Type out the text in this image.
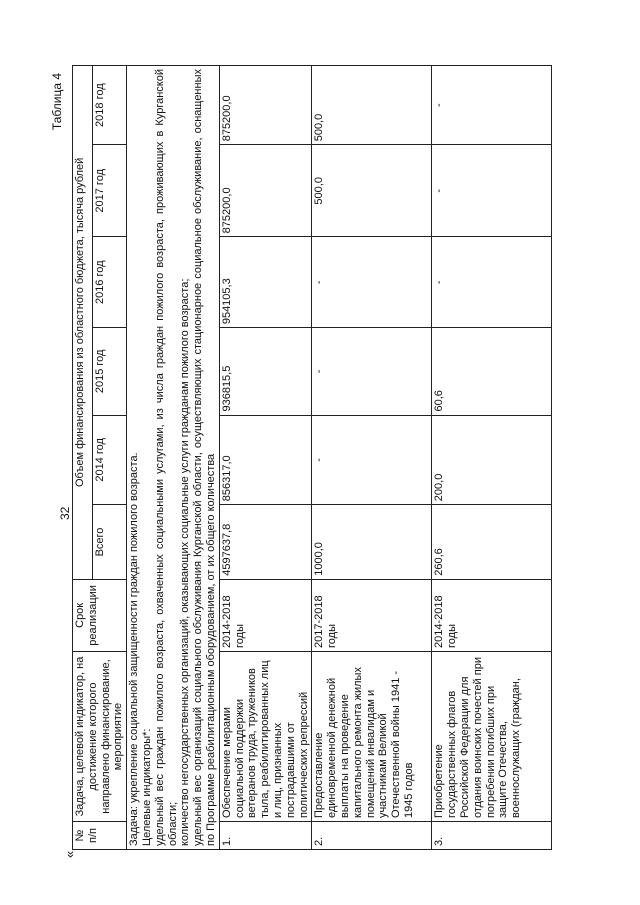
«
32
Таблица 4
№ п/п	Задача, целевой индикатор, на достижение которого направлено финансирование, мероприятие	Срок реализации	Объем финансирования из областного бюджета, тысяча рублей					
			Всего	2014 год	2015 год	2016 год	2017 год	2018 год

Задача: укрепление социальной защищенности граждан пожилого возраста. Целевые индикаторы*: удельный вес граждан пожилого возраста, охваченных социальными услугами, из числа граждан пожилого возраста, проживающих в Курганской области; количество негосударственных организаций, оказывающих социальные услуги гражданам пожилого возраста; удельный вес организаций социального обслуживания Курганской области, осуществляющих стационарное социальное обслуживание, оснащенных по Программе реабилитационным оборудованием, от их общего количества								

1.	Обеспечение мерами социальной поддержки ветеранов труда, тружеников тыла, реабилитированных лиц и лиц, признанных пострадавшими от политических репрессий	2014-2018 годы	4597637,8	856317,0	936815,5	954105,3	875200,0	875200,0
2.	Предоставление единовременной денежной выплаты на проведение капитального ремонта жилых помещений инвалидам и участникам Великой Отечественной войны 1941 - 1945 годов	2017-2018 годы	1000,0	-	-	-	500,0	500,0
3.	Приобретение государственных флагов Российской Федерации для отдания воинских почестей при погребении погибших при защите Отечества, военнослужащих (граждан,	2014-2018 годы	260,6	200,0	60,6	-	-	-
